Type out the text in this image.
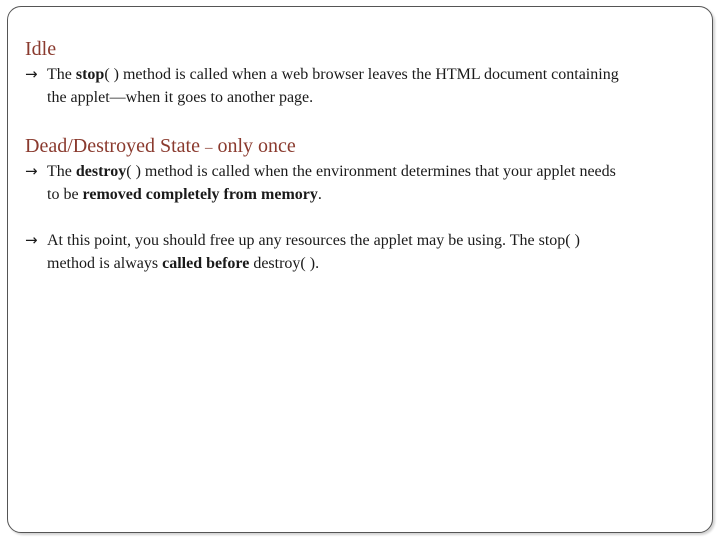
Idle
→ The stop( ) method is called when a web browser leaves the HTML document containing
the applet—when it goes to another page.
Dead/Destroyed State – only once
→ The destroy( ) method is called when the environment determines that your applet needs
to be removed completely from memory.
→ At this point, you should free up any resources the applet may be using. The stop( )
method is always called before destroy( ).
